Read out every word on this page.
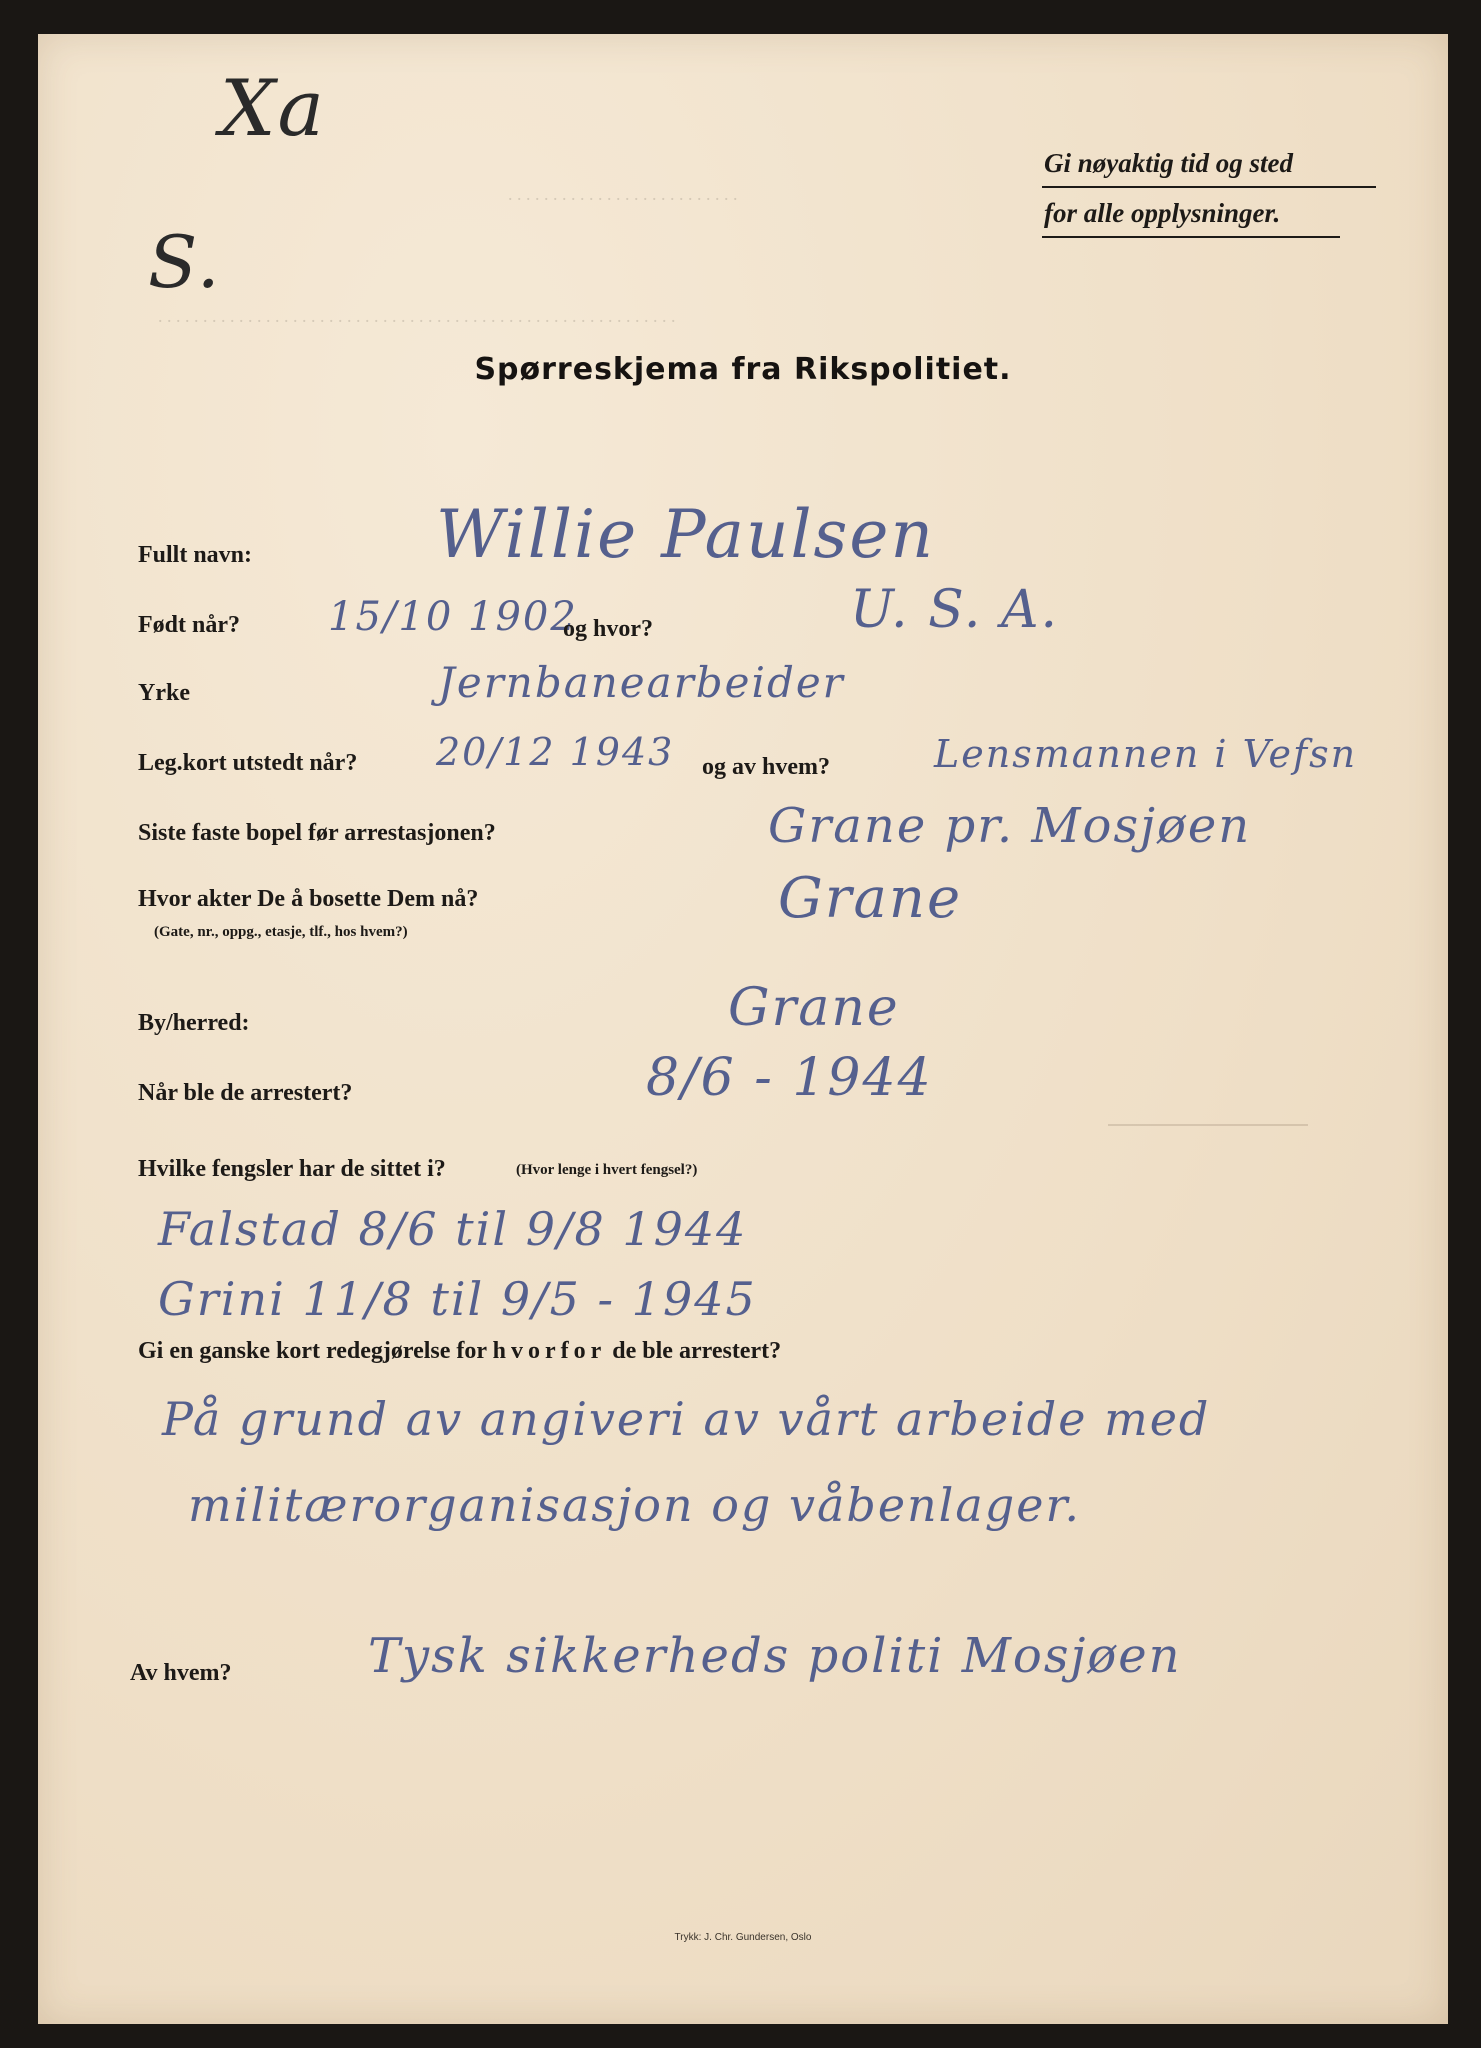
. . . . . . . . . . . . . . . . . . . . . . . . . .
. . . . . . . . . . . . . . . . . . . . . . . . . . . . . . . . . . . . . . . . . . . . . . . . . . . . . . . . . .
Xa
S.
Gi nøyaktig tid og sted
for alle opplysninger.
Spørreskjema fra Rikspolitiet.
Fullt navn:	Willie Paulsen
Født når? 15/10 1902
og hvor?	U. S. A.
Yrke	Jernbanearbeider
Leg.kort utstedt når? 20/12 1943 og av hvem?	Lensmannen i Vefsn
Siste faste bopel før arrestasjonen?	Grane pr. Mosjøen
Hvor akter De å bosette Dem nå?
(Gate, nr., oppg., etasje, tlf., hos hvem?)
Grane
By/herred:	Grane
Når ble de arrestert?	8/6 - 1944
Hvilke fengsler har de sittet i?	(Hvor lenge i hvert fengsel?)
Falstad 8/6 til 9/8 1944
Grini 11/8 til 9/5 - 1945
Gi en ganske kort redegjørelse for hvorfor de ble arrestert?
På grund av angiveri av vårt arbeide med
militærorganisasjon og våbenlager.
Av hvem?	Tysk sikkerheds politi Mosjøen
Trykk: J. Chr. Gundersen, Oslo
